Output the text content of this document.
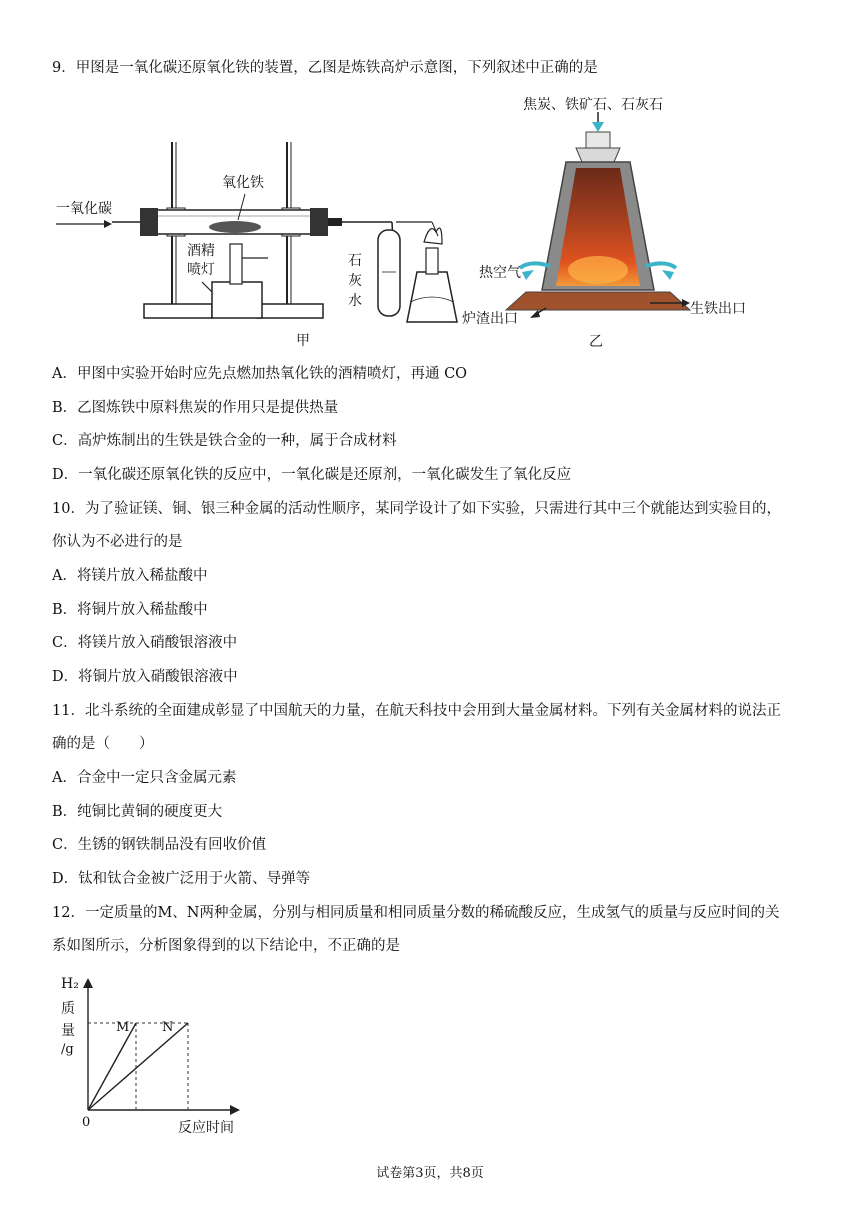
9．甲图是一氧化碳还原氧化铁的装置，乙图是炼铁高炉示意图，下列叙述中正确的是
一氧化碳
氧化铁
酒精
喷灯
石
灰
水
甲
焦炭、铁矿石、石灰石
热空气
生铁出口
炉渣出口
乙
A．甲图中实验开始时应先点燃加热氧化铁的酒精喷灯，再通 CO
B．乙图炼铁中原料焦炭的作用只是提供热量
C．高炉炼制出的生铁是铁合金的一种，属于合成材料
D．一氧化碳还原氧化铁的反应中，一氧化碳是还原剂，一氧化碳发生了氧化反应
10．为了验证镁、铜、银三种金属的活动性顺序，某同学设计了如下实验，只需进行其中三个就能达到实验目的，
你认为不必进行的是
A．将镁片放入稀盐酸中
B．将铜片放入稀盐酸中
C．将镁片放入硝酸银溶液中
D．将铜片放入硝酸银溶液中
11．北斗系统的全面建成彰显了中国航天的力量，在航天科技中会用到大量金属材料。下列有关金属材料的说法正
确的是（　　）
A．合金中一定只含金属元素
B．纯铜比黄铜的硬度更大
C．生锈的钢铁制品没有回收价值
D．钛和钛合金被广泛用于火箭、导弹等
12．一定质量的M、N两种金属，分别与相同质量和相同质量分数的稀硫酸反应，生成氢气的质量与反应时间的关
系如图所示，分析图象得到的以下结论中，不正确的是
H₂
质
量
/g
M	N
0	反应时间
试卷第3页，共8页
